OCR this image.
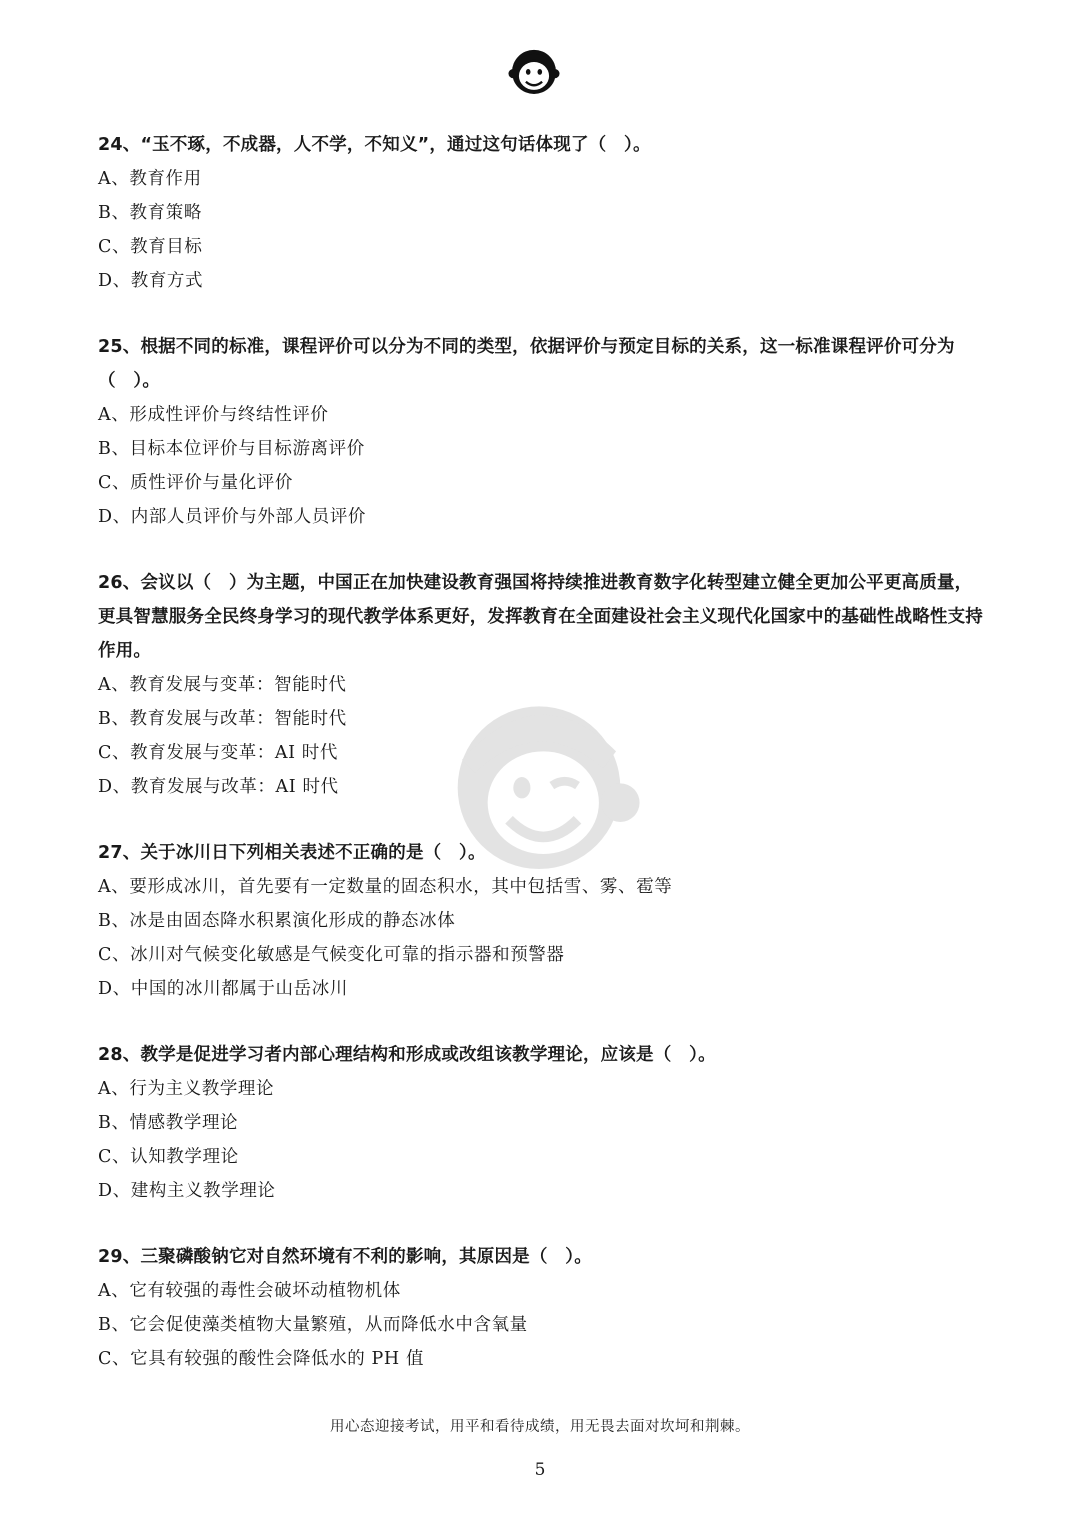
24、“玉不琢，不成器，人不学，不知义”，通过这句话体现了（　）。

A、教育作用

B、教育策略

C、教育目标

D、教育方式

25、根据不同的标准，课程评价可以分为不同的类型，依据评价与预定目标的关系，这一标准课程评价可分为（　）。

A、形成性评价与终结性评价

B、目标本位评价与目标游离评价

C、质性评价与量化评价

D、内部人员评价与外部人员评价

26、会议以（　）为主题，中国正在加快建设教育强国将持续推进教育数字化转型建立健全更加公平更高质量，更具智慧服务全民终身学习的现代教学体系更好，发挥教育在全面建设社会主义现代化国家中的基础性战略性支持作用。

A、教育发展与变革：智能时代

B、教育发展与改革：智能时代

C、教育发展与变革：AI 时代

D、教育发展与改革：AI 时代

27、关于冰川日下列相关表述不正确的是（　）。

A、要形成冰川，首先要有一定数量的固态积水，其中包括雪、雾、雹等

B、冰是由固态降水积累演化形成的静态冰体

C、冰川对气候变化敏感是气候变化可靠的指示器和预警器

D、中国的冰川都属于山岳冰川

28、教学是促进学习者内部心理结构和形成或改组该教学理论，应该是（　）。

A、行为主义教学理论

B、情感教学理论

C、认知教学理论

D、建构主义教学理论

29、三聚磷酸钠它对自然环境有不利的影响，其原因是（　）。

A、它有较强的毒性会破坏动植物机体

B、它会促使藻类植物大量繁殖，从而降低水中含氧量

C、它具有较强的酸性会降低水的 PH 值

用心态迎接考试，用平和看待成绩，用无畏去面对坎坷和荆棘。
5
